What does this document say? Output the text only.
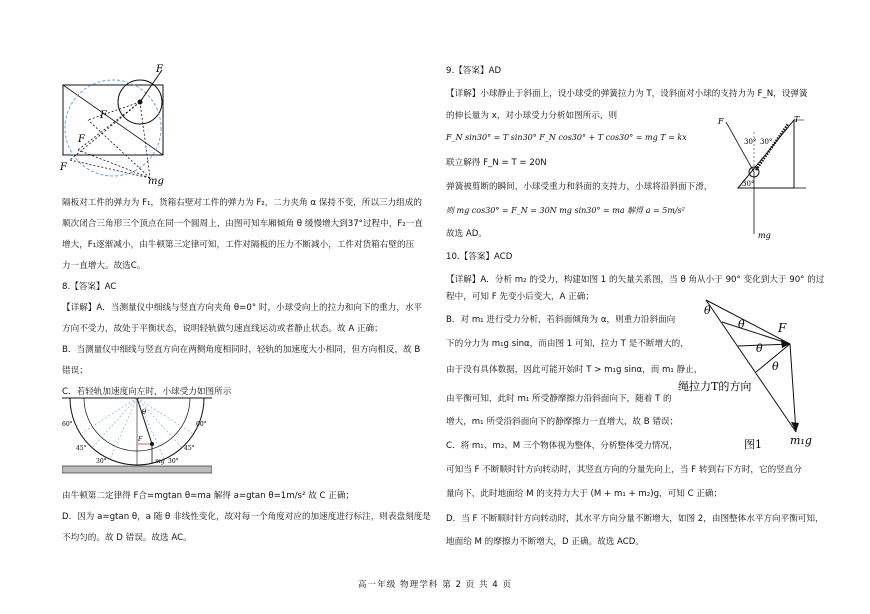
F
F
F
F
mg
隔板对工件的弹力为 F₁，货箱右壁对工件的弹力为 F₂，二力夹角 α 保持不变，所以三力组成的
顺次闭合三角形三个顶点在同一个圆周上，由图可知车厢倾角 θ 缓慢增大到37°过程中，F₂一直
增大，F₁逐渐减小，由牛顿第三定律可知，工件对隔板的压力不断减小，工件对货箱右壁的压
力一直增大。故选C。
8.【答案】AC
【详解】A．当测量仪中细线与竖直方向夹角 θ=0° 时，小球受向上的拉力和向下的重力，水平
方向不受力，故处于平衡状态，说明轻轨做匀速直线运动或者静止状态。故 A 正确；
B．当测量仪中细线与竖直方向在两侧角度相同时，轻轨的加速度大小相同，但方向相反，故 B
错误；
C．若轻轨加速度向左时，小球受力如图所示
θ
60°	60°
45°	45°
30°	30°
F
mg
由牛顿第二定律得 F合=mgtan θ=ma 解得 a=gtan θ=1m/s² 故 C 正确；
D．因为 a=gtan θ，a 随 θ 非线性变化，故对每一个角度对应的加速度进行标注，则表盘刻度是
不均匀的。故 D 错误。故选 AC。
9.【答案】AD
【详解】小球静止于斜面上，设小球受的弹簧拉力为 T，设斜面对小球的支持力为 F_N，设弹簧
的伸长量为 x，对小球受力分析如图所示，则
F_N sin30° = T sin30° F_N cos30° + T cos30° = mg T = kx
联立解得 F_N = T = 20N
弹簧被剪断的瞬间，小球受重力和斜面的支持力，小球将沿斜面下滑，
则 mg cos30° = F_N = 30N mg sin30° = ma 解得 a = 5m/s²
故选 AD。
F	T
30° 30°
30°
mg
10.【答案】ACD
【详解】A．分析 m₂ 的受力，构建如图 1 的矢量关系图，当 θ 角从小于 90° 变化到大于 90° 的过
程中，可知 F 先变小后变大，A 正确；
B．对 m₁ 进行受力分析，若斜面倾角为 α，则重力沿斜面向
下的分力为 m₁g sinα，而由图 1 可知，拉力 T 是不断增大的，
由于没有具体数据，因此可能开始时 T > m₁g sinα，而 m₁ 静止，
由平衡可知，此时 m₁ 所受静摩擦力沿斜面向下，随着 T 的
增大，m₁ 所受沿斜面向下的静摩擦力一直增大，故 B 错误；
C．将 m₁、m₂、M 三个物体视为整体，分析整体受力情况，
可知当 F 不断顺时针方向转动时，其竖直方向的分量先向上，当 F 转到右下方时，它的竖直分
量向下，此时地面给 M 的支持力大于 (M + m₁ + m₂)g，可知 C 正确；
D．当 F 不断顺时针方向转动时，其水平方向分量不断增大，如图 2，由图整体水平方向平衡可知，
地面给 M 的摩擦力不断增大，D 正确。故选 ACD。
θ
θ
θ
θ
F
绳拉力T的方向
m₁g
图1
高一年级 物理学科 第 2 页 共 4 页
